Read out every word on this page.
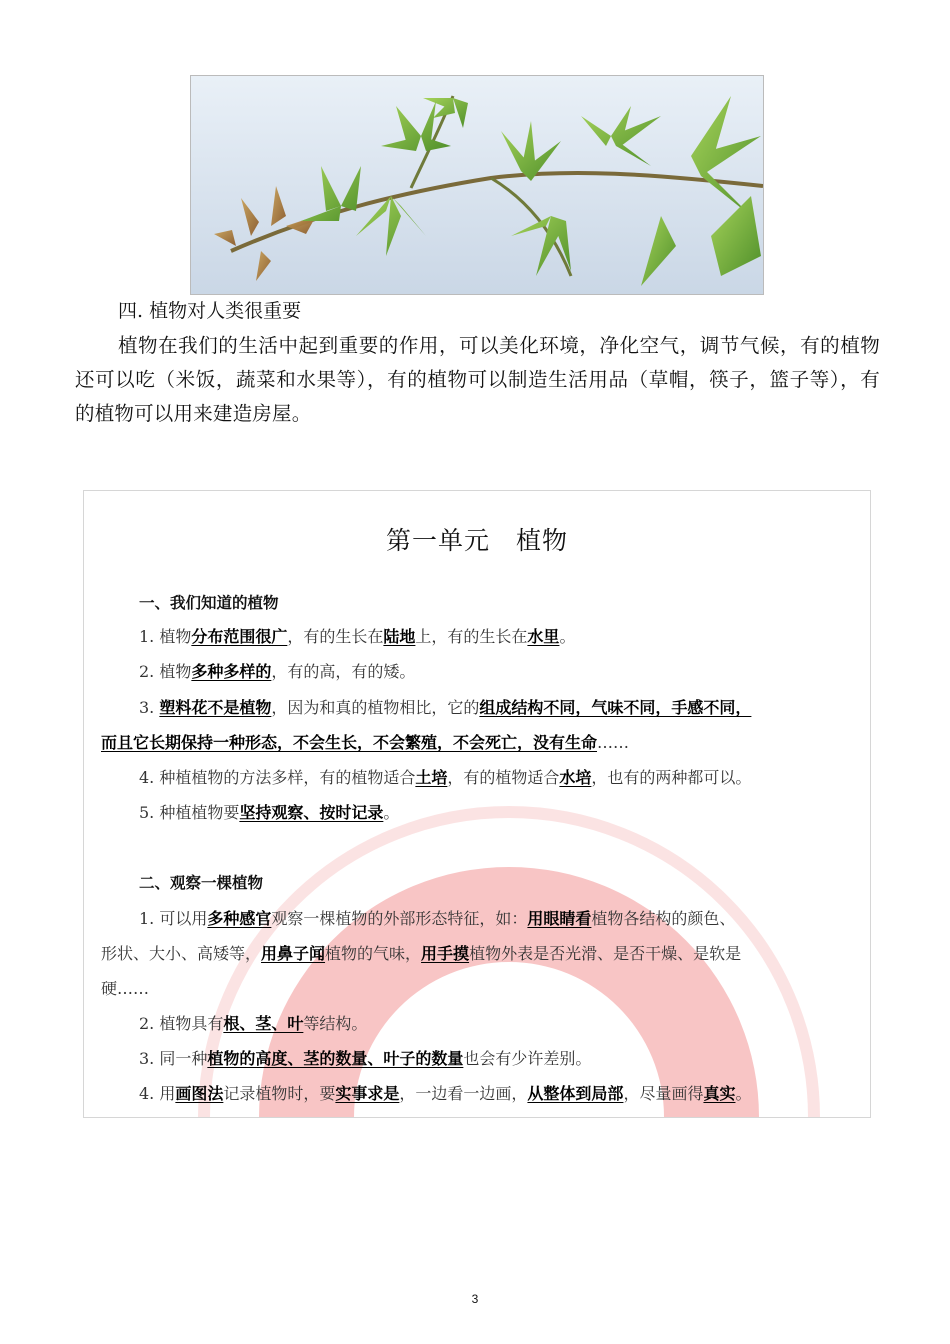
四. 植物对人类很重要
植物在我们的生活中起到重要的作用，可以美化环境，净化空气，调节气候，有的植物还可以吃（米饭，蔬菜和水果等），有的植物可以制造生活用品（草帽，筷子，篮子等），有的植物可以用来建造房屋。
第一单元　植物
一、我们知道的植物
二、观察一棵植物
1. 植物分布范围很广，有的生长在陆地上，有的生长在水里。
2. 植物多种多样的，有的高，有的矮。
3. 塑料花不是植物，因为和真的植物相比，它的组成结构不同，气味不同，手感不同，
而且它长期保持一种形态，不会生长，不会繁殖，不会死亡，没有生命……
4. 种植植物的方法多样，有的植物适合土培，有的植物适合水培，也有的两种都可以。
5. 种植植物要坚持观察、按时记录。
1. 可以用多种感官观察一棵植物的外部形态特征，如：用眼睛看植物各结构的颜色、
形状、大小、高矮等，用鼻子闻植物的气味，用手摸植物外表是否光滑、是否干燥、是软是
硬……
2. 植物具有根、茎、叶等结构。
3. 同一种植物的高度、茎的数量、叶子的数量也会有少许差别。
4. 用画图法记录植物时，要实事求是，一边看一边画，从整体到局部，尽量画得真实。
3
